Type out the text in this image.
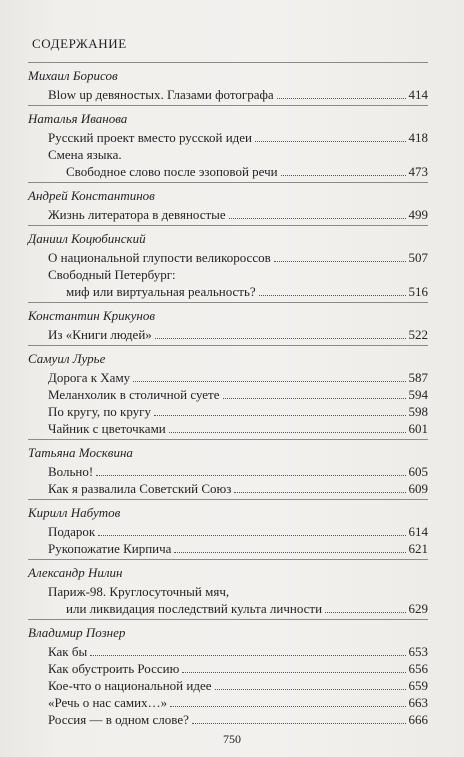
СОДЕРЖАНИЕ
Михаил Борисов
Blow up девяностых. Глазами фотографа	414
Наталья Иванова
Русский проект вместо русской идеи	418
Смена языка.
Свободное слово после эзоповой речи	473
Андрей Константинов
Жизнь литератора в девяностые	499
Даниил Коцюбинский
О национальной глупости великороссов	507
Свободный Петербург:
миф или виртуальная реальность?	516
Константин Крикунов
Из «Книги людей»	522
Самуил Лурье
Дорога к Хаму	587
Меланхолик в столичной суете	594
По кругу, по кругу	598
Чайник с цветочками	601
Татьяна Москвина
Вольно!	605
Как я развалила Советский Союз	609
Кирилл Набутов
Подарок	614
Рукопожатие Кирпича	621
Александр Нилин
Париж-98. Круглосуточный мяч,
или ликвидация последствий культа личности	629
Владимир Познер
Как бы	653
Как обустроить Россию	656
Кое-что о национальной идее	659
«Речь о нас самих…»	663
Россия — в одном слове?	666
750
